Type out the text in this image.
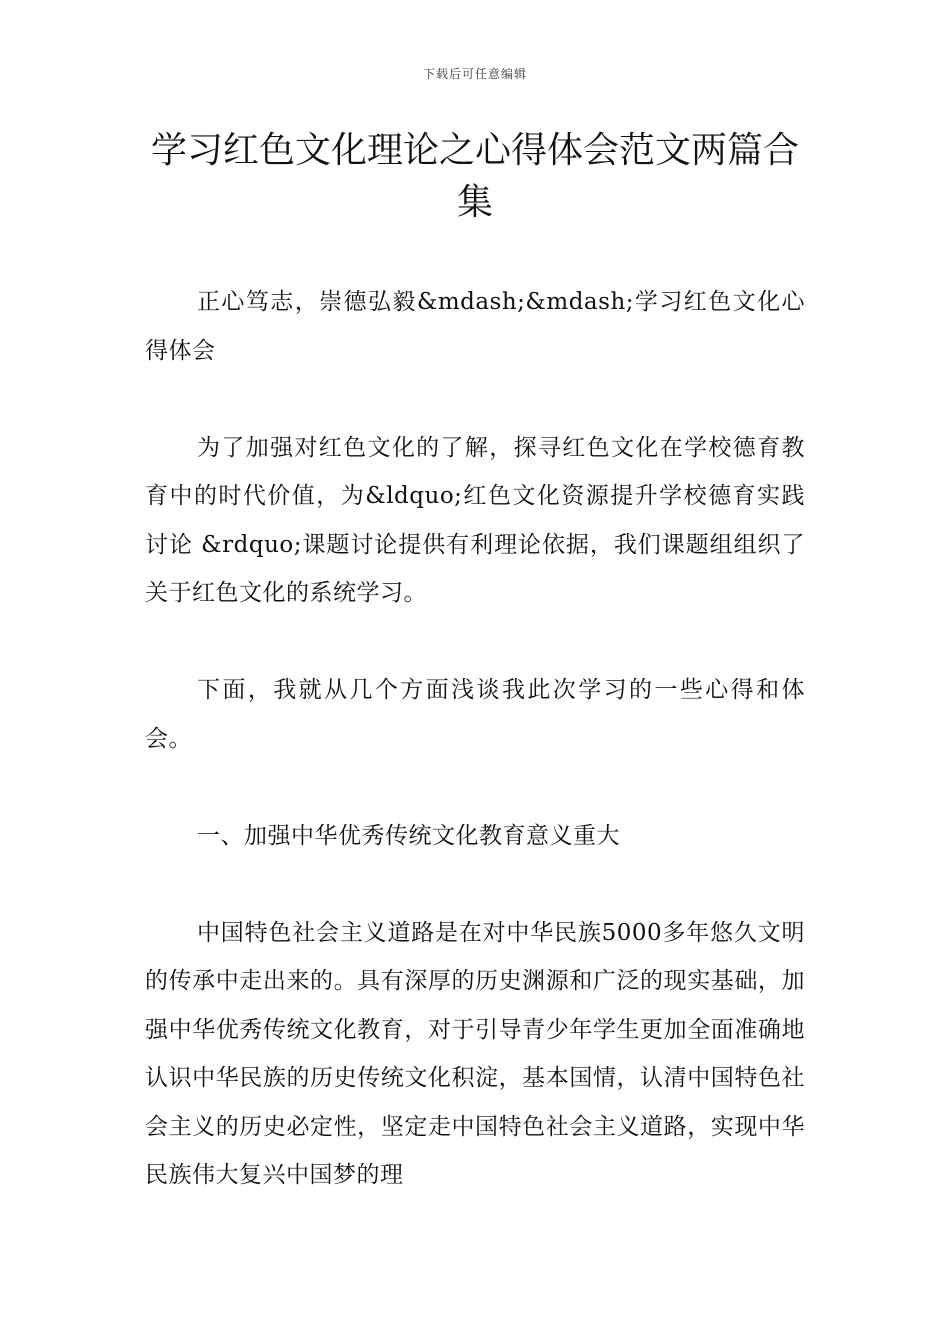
下载后可任意编辑
学习红色文化理论之心得体会范文两篇合集

正心笃志，崇德弘毅&mdash;&mdash;学习红色文化心得体会

为了加强对红色文化的了解，探寻红色文化在学校德育教育中的时代价值，为&ldquo;红色文化资源提升学校德育实践讨论 &rdquo;课题讨论提供有利理论依据，我们课题组组织了关于红色文化的系统学习。

下面，我就从几个方面浅谈我此次学习的一些心得和体会。

一、加强中华优秀传统文化教育意义重大

中国特色社会主义道路是在对中华民族5000多年悠久文明的传承中走出来的。具有深厚的历史渊源和广泛的现实基础，加强中华优秀传统文化教育，对于引导青少年学生更加全面准确地认识中华民族的历史传统文化积淀，基本国情，认清中国特色社会主义的历史必定性，坚定走中国特色社会主义道路，实现中华民族伟大复兴中国梦的理
